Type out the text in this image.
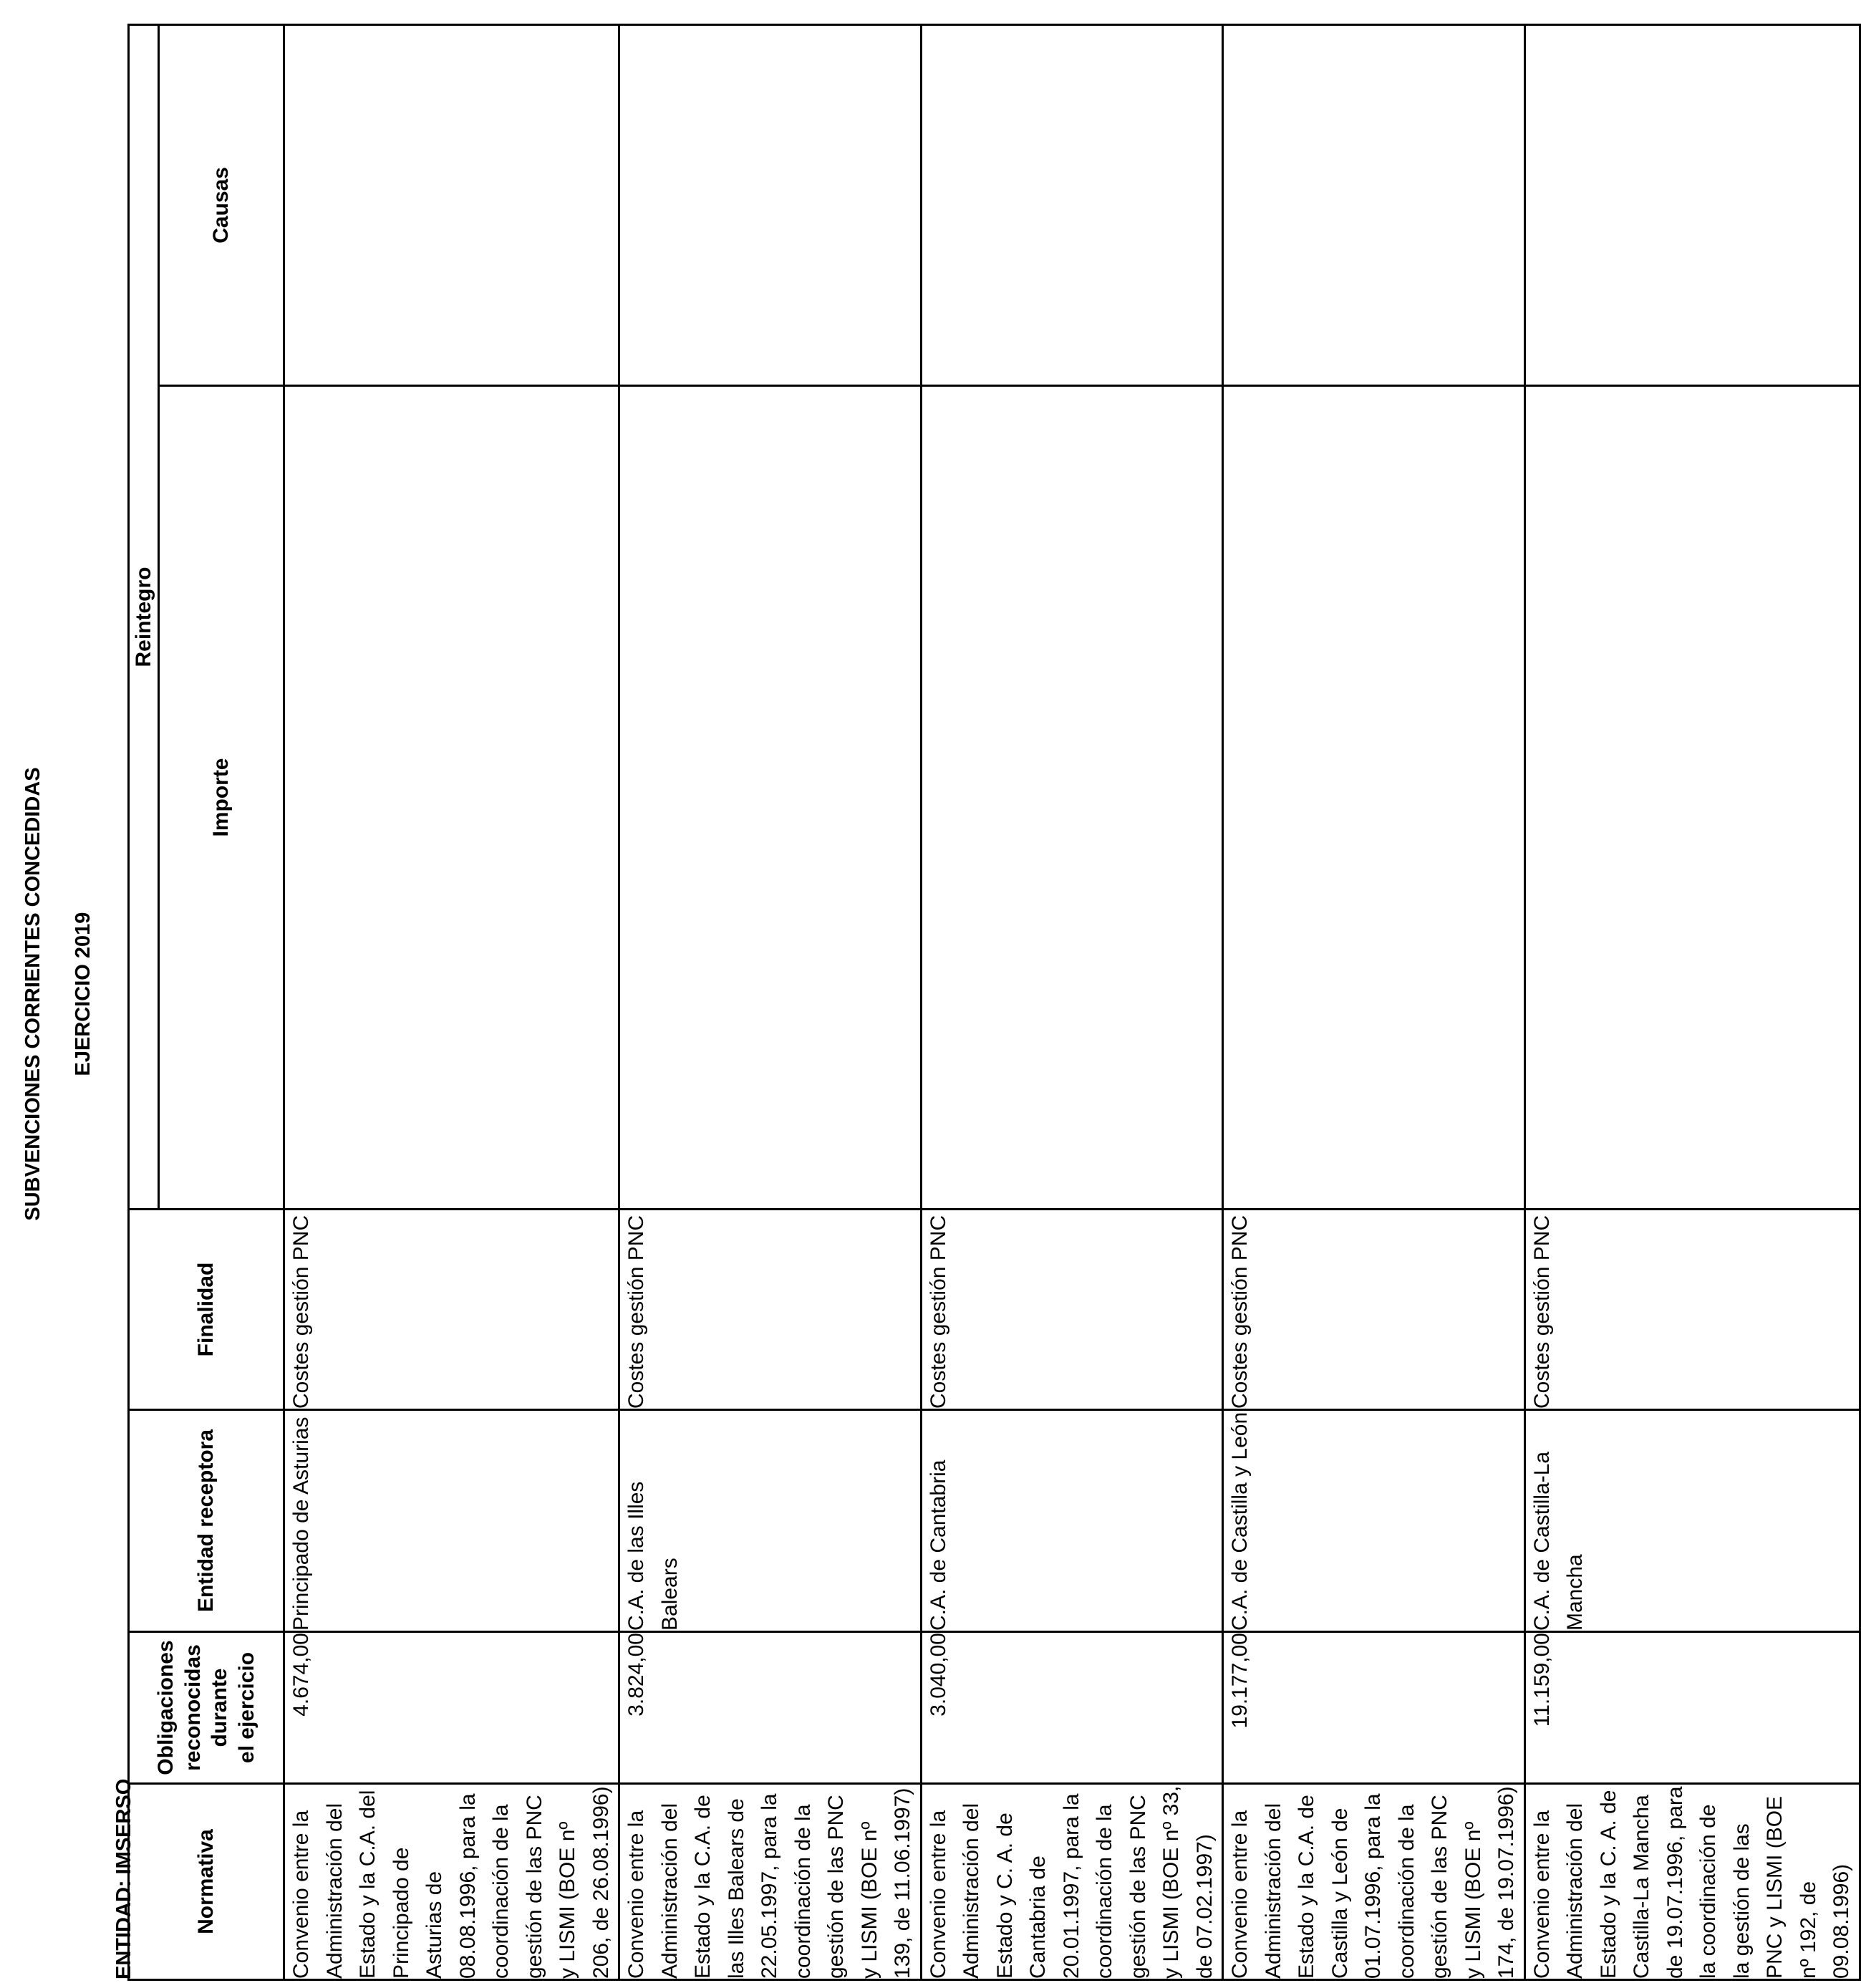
SUBVENCIONES CORRIENTES CONCEDIDAS EJERCICIO 2019
ENTIDAD: IMSERSO	Normativa	Obligaciones reconocidas durante el ejercicio	Entidad receptora	Finalidad	Reintegro	
				Importe	Causas
Convenio entre la Administración del Estado y la C.A. del Principado de Asturias de 08.08.1996, para la coordinación de la gestión de las PNC y LISMI (BOE nº 206, de 26.08.1996)	4.674,00	Principado de Asturias	Costes gestión PNC		
Convenio entre la Administración del Estado y la C.A. de las Illes Balears de 22.05.1997, para la coordinación de la gestión de las PNC y LISMI (BOE nº 139, de 11.06.1997)	3.824,00	C.A. de las Illes Balears	Costes gestión PNC		
Convenio entre la Administración del Estado y C. A. de Cantabria de 20.01.1997, para la coordinación de la gestión de las PNC y LISMI (BOE nº 33, de 07.02.1997)	3.040,00	C.A. de Cantabria	Costes gestión PNC		
Convenio entre la Administración del Estado y la C.A. de Castilla y León de 01.07.1996, para la coordinación de la gestión de las PNC y LISMI (BOE nº 174, de 19.07.1996)	19.177,00	C.A. de Castilla y León	Costes gestión PNC		
Convenio entre la Administración del Estado y la C. A. de Castilla-La Mancha de 19.07.1996, para la coordinación de la gestión de las PNC y LISMI (BOE nº 192, de 09.08.1996)	11.159,00	C.A. de Castilla-La Mancha	Costes gestión PNC		
